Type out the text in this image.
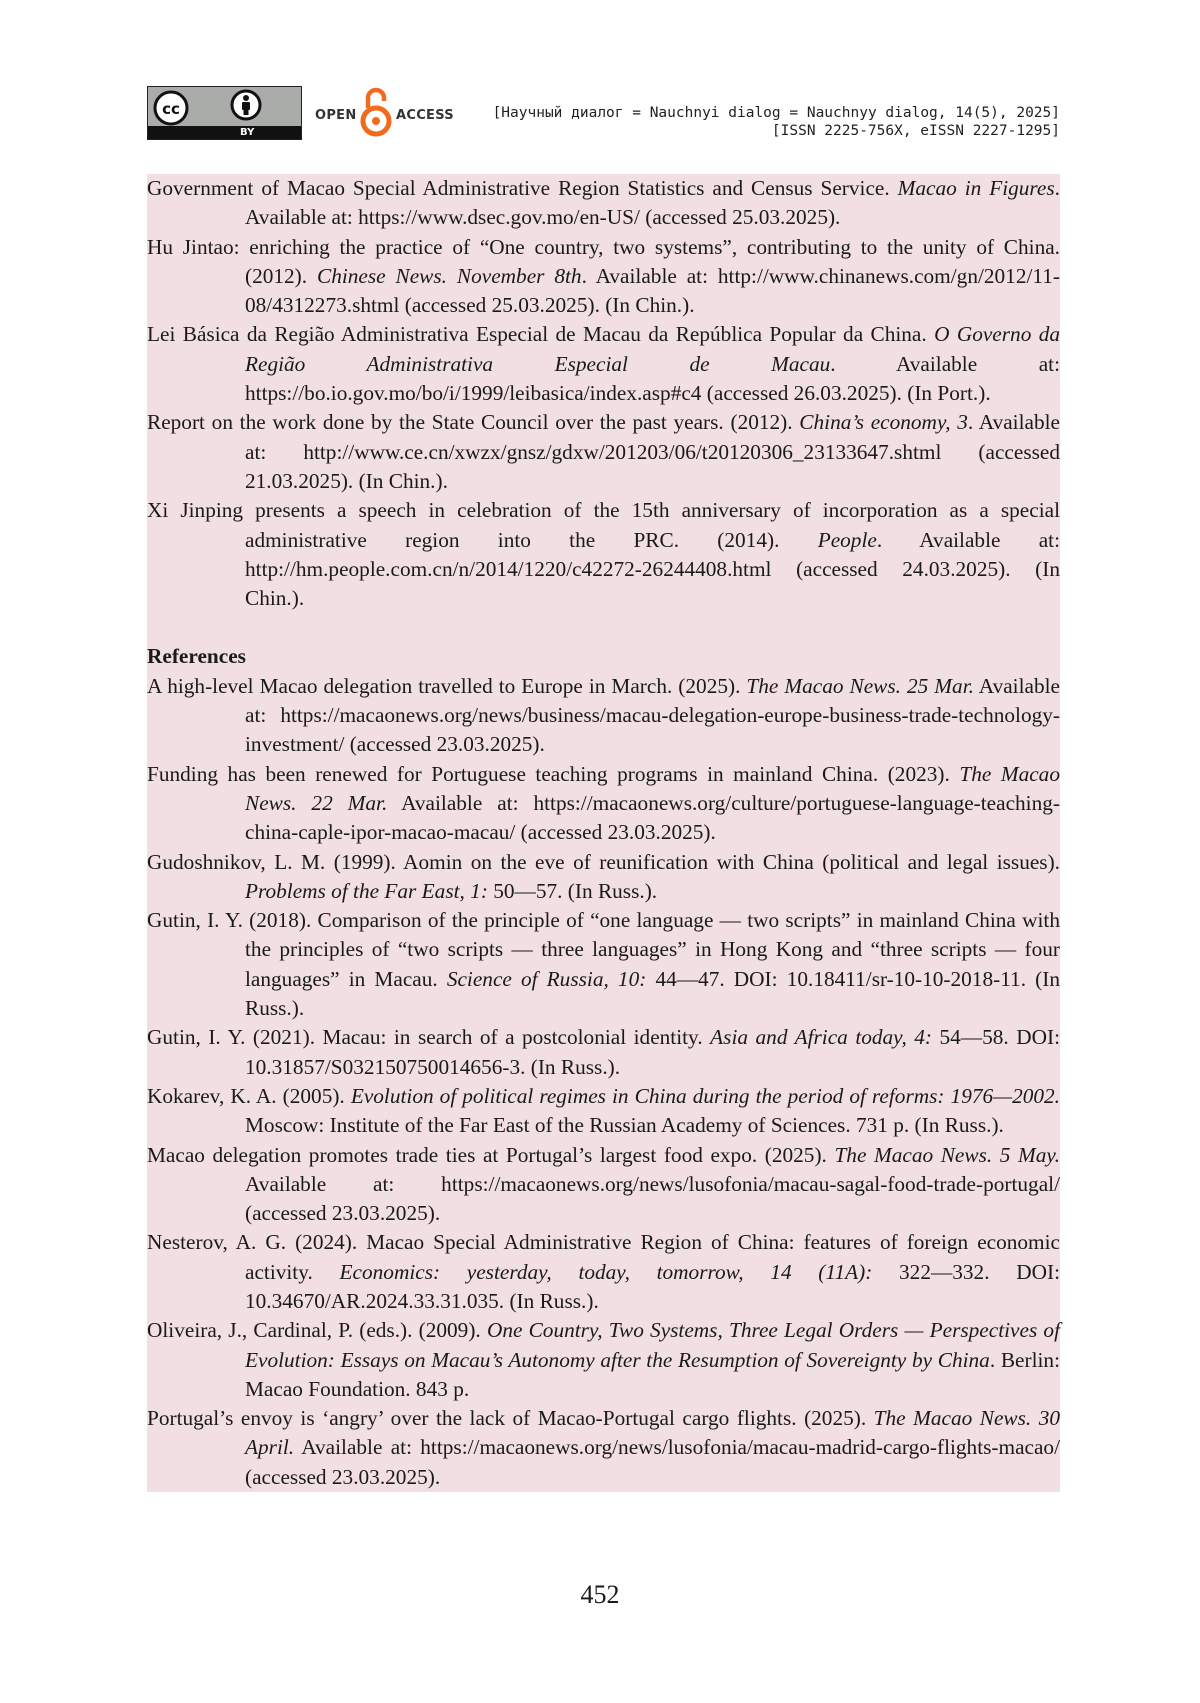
cc
BY
OPEN	ACCESS	[Научный диалог = Nauchnyi dialog = Nauchnyy dialog, 14(5), 2025]
[ISSN 2225-756X, eISSN 2227-1295]
Government of Macao Special Administrative Region Statistics and Census Service. Macao in Figures. Available at: https://www.dsec.gov.mo/en-US/ (accessed 25.03.2025).
Hu Jintao: enriching the practice of “One country, two systems”, contributing to the unity of China. (2012). Chinese News. November 8th. Available at: http://www.chinanews.com/gn/2012/11-08/4312273.shtml (accessed 25.03.2025). (In Chin.).
Lei Básica da Região Administrativa Especial de Macau da República Popular da China. O Governo da Região Administrativa Especial de Macau. Available at: https://bo.io.gov.mo/bo/i/1999/leibasica/index.asp#c4 (accessed 26.03.2025). (In Port.).
Report on the work done by the State Council over the past years. (2012). China’s economy, 3. Available at: http://www.ce.cn/xwzx/gnsz/gdxw/201203/06/t20120306_23133647.shtml (accessed 21.03.2025). (In Chin.).
Xi Jinping presents a speech in celebration of the 15th anniversary of incorporation as a special administrative region into the PRC. (2014). People. Available at: http://hm.people.com.cn/n/2014/1220/c42272-26244408.html (accessed 24.03.2025). (In Chin.).
References
A high-level Macao delegation travelled to Europe in March. (2025). The Macao News. 25 Mar. Available at: https://macaonews.org/news/business/macau-delegation-europe-business-trade-technology-investment/ (accessed 23.03.2025).
Funding has been renewed for Portuguese teaching programs in mainland China. (2023). The Macao News. 22 Mar. Available at: https://macaonews.org/culture/portuguese-language-teaching-china-caple-ipor-macao-macau/ (accessed 23.03.2025).
Gudoshnikov, L. M. (1999). Aomin on the eve of reunification with China (political and legal issues). Problems of the Far East, 1: 50—57. (In Russ.).
Gutin, I. Y. (2018). Comparison of the principle of “one language — two scripts” in mainland China with the principles of “two scripts — three languages” in Hong Kong and “three scripts — four languages” in Macau. Science of Russia, 10: 44—47. DOI: 10.18411/sr-10-10-2018-11. (In Russ.).
Gutin, I. Y. (2021). Macau: in search of a postcolonial identity. Asia and Africa today, 4: 54—58. DOI: 10.31857/S032150750014656-3. (In Russ.).
Kokarev, K. A. (2005). Evolution of political regimes in China during the period of reforms: 1976—2002. Moscow: Institute of the Far East of the Russian Academy of Sciences. 731 p. (In Russ.).
Macao delegation promotes trade ties at Portugal’s largest food expo. (2025). The Macao News. 5 May. Available at: https://macaonews.org/news/lusofonia/macau-sagal-food-trade-portugal/ (accessed 23.03.2025).
Nesterov, A. G. (2024). Macao Special Administrative Region of China: features of foreign economic activity. Economics: yesterday, today, tomorrow, 14 (11A): 322—332. DOI: 10.34670/AR.2024.33.31.035. (In Russ.).
Oliveira, J., Cardinal, P. (eds.). (2009). One Country, Two Systems, Three Legal Orders — Perspectives of Evolution: Essays on Macau’s Autonomy after the Resumption of Sovereignty by China. Berlin: Macao Foundation. 843 p.
Portugal’s envoy is ‘angry’ over the lack of Macao-Portugal cargo flights. (2025). The Macao News. 30 April. Available at: https://macaonews.org/news/lusofonia/macau-madrid-cargo-flights-macao/ (accessed 23.03.2025).
452
